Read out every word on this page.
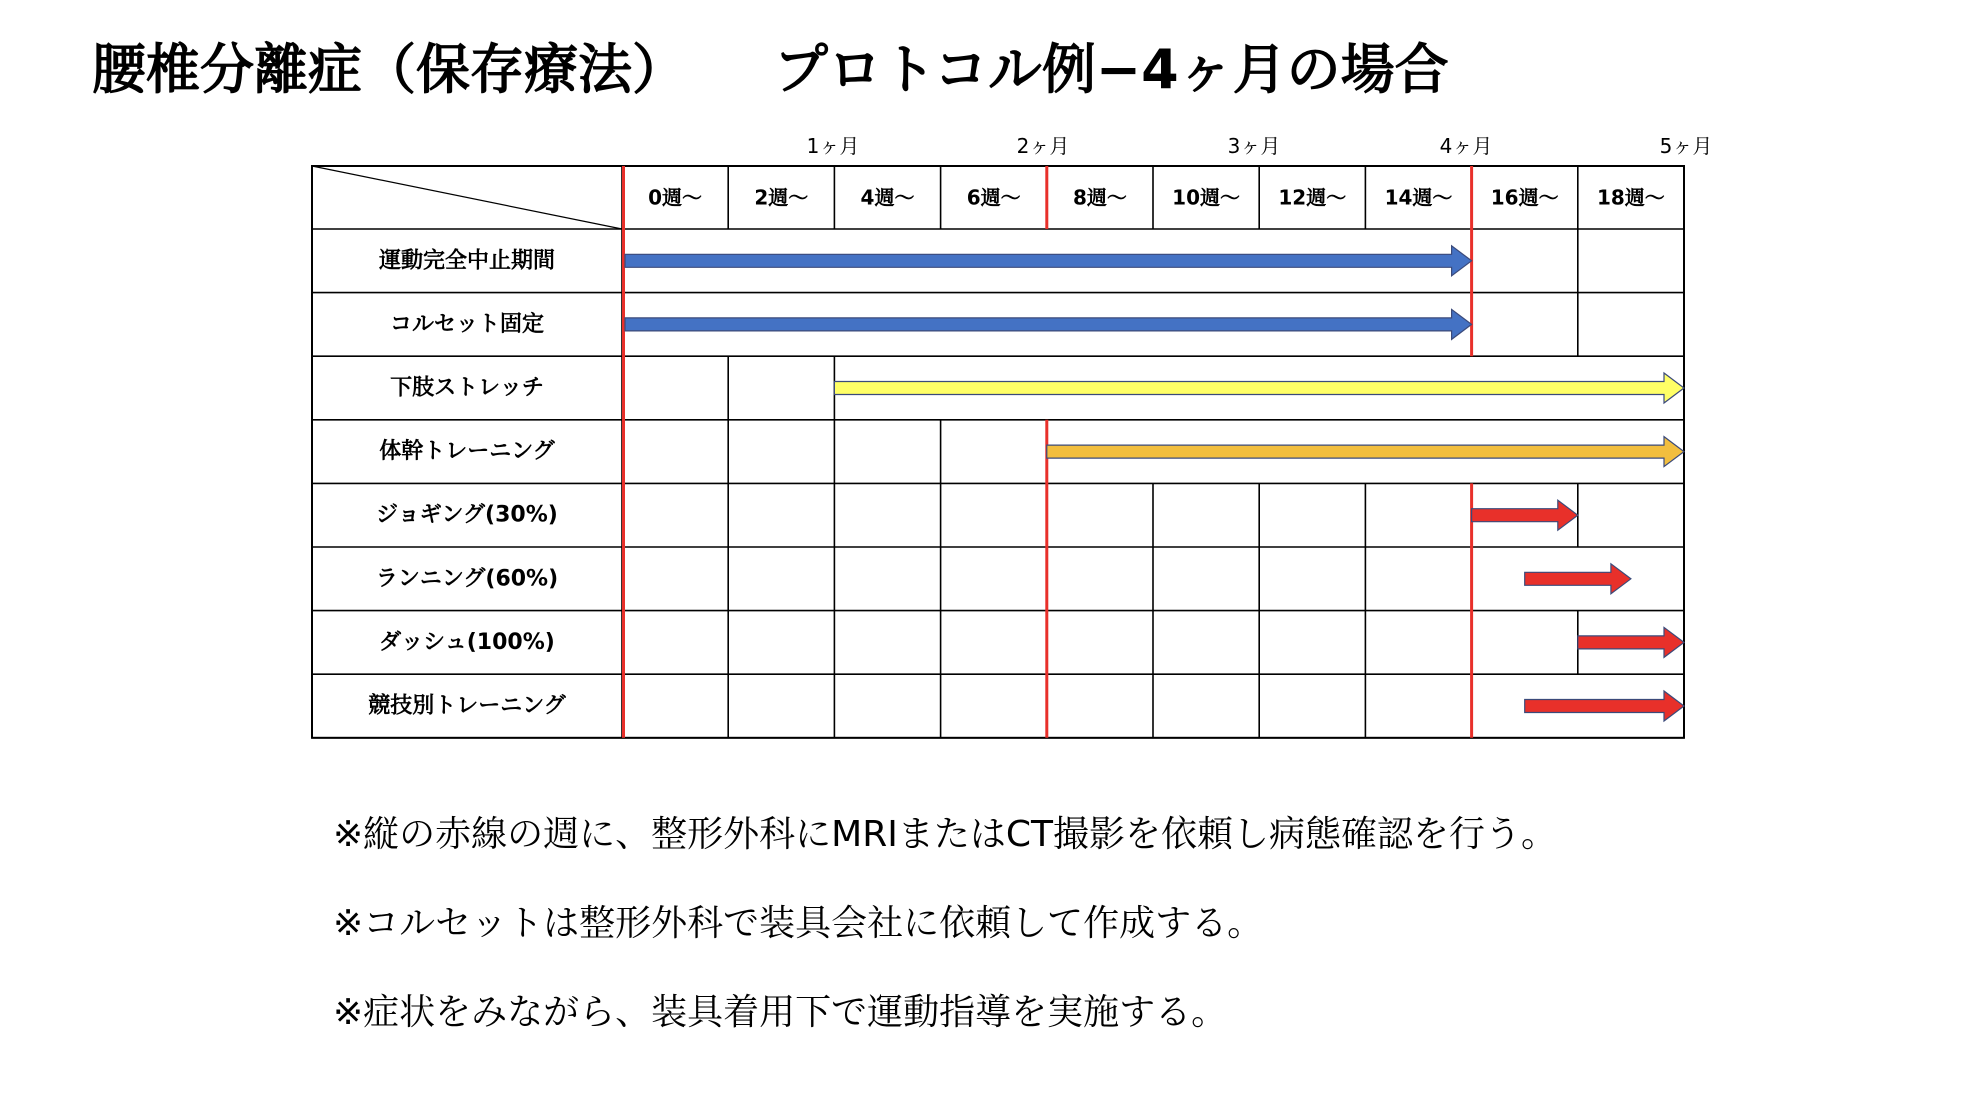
腰椎分離症（保存療法） プロトコル例−4ヶ月の場合
1ヶ月	2ヶ月	3ヶ月	4ヶ月	5ヶ月
0週〜	2週〜	4週〜	6週〜	8週〜 10週〜 12週〜 14週〜 16週〜 18週〜
運動完全中止期間
コルセット固定
下肢ストレッチ
体幹トレーニング
ジョギング(30%)
ランニング(60%)
ダッシュ(100%)
競技別トレーニング
※縦の赤線の週に、整形外科にMRIまたはCT撮影を依頼し病態確認を行う。
※コルセットは整形外科で装具会社に依頼して作成する。
※症状をみながら、装具着用下で運動指導を実施する。
